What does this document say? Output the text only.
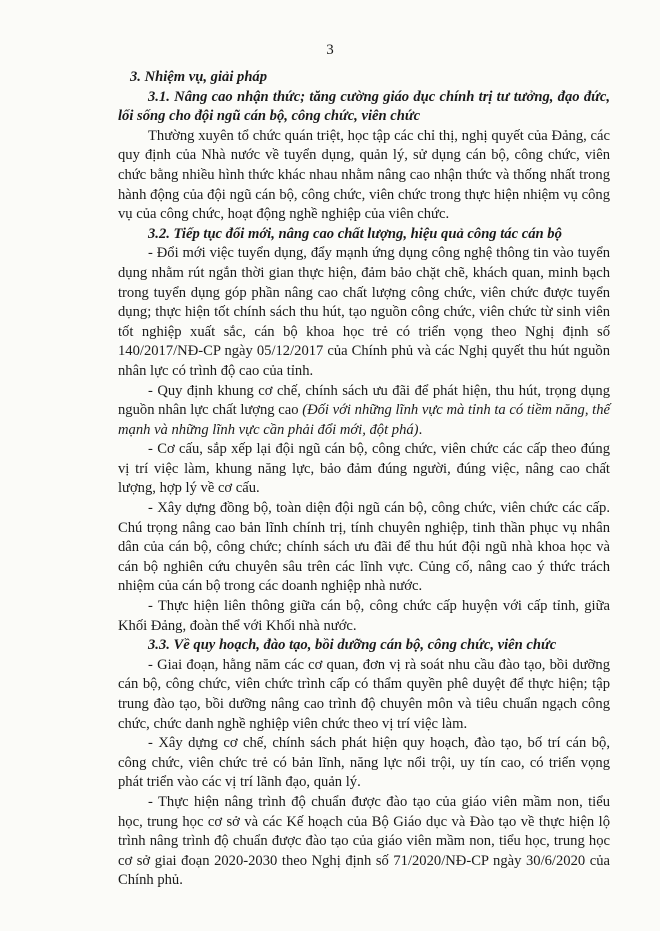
3

3. Nhiệm vụ, giải pháp

3.1. Nâng cao nhận thức; tăng cường giáo dục chính trị tư tưởng, đạo đức, lối sống cho đội ngũ cán bộ, công chức, viên chức

Thường xuyên tổ chức quán triệt, học tập các chỉ thị, nghị quyết của Đảng, các quy định của Nhà nước về tuyển dụng, quản lý, sử dụng cán bộ, công chức, viên chức bằng nhiều hình thức khác nhau nhằm nâng cao nhận thức và thống nhất trong hành động của đội ngũ cán bộ, công chức, viên chức trong thực hiện nhiệm vụ công vụ của công chức, hoạt động nghề nghiệp của viên chức.

3.2. Tiếp tục đổi mới, nâng cao chất lượng, hiệu quả công tác cán bộ

- Đổi mới việc tuyển dụng, đẩy mạnh ứng dụng công nghệ thông tin vào tuyển dụng nhằm rút ngắn thời gian thực hiện, đảm bảo chặt chẽ, khách quan, minh bạch trong tuyển dụng góp phần nâng cao chất lượng công chức, viên chức được tuyển dụng; thực hiện tốt chính sách thu hút, tạo nguồn công chức, viên chức từ sinh viên tốt nghiệp xuất sắc, cán bộ khoa học trẻ có triển vọng theo Nghị định số 140/2017/NĐ-CP ngày 05/12/2017 của Chính phủ và các Nghị quyết thu hút nguồn nhân lực có trình độ cao của tỉnh.

- Quy định khung cơ chế, chính sách ưu đãi để phát hiện, thu hút, trọng dụng nguồn nhân lực chất lượng cao (Đối với những lĩnh vực mà tỉnh ta có tiềm năng, thế mạnh và những lĩnh vực cần phải đổi mới, đột phá).

- Cơ cấu, sắp xếp lại đội ngũ cán bộ, công chức, viên chức các cấp theo đúng vị trí việc làm, khung năng lực, bảo đảm đúng người, đúng việc, nâng cao chất lượng, hợp lý về cơ cấu.

- Xây dựng đồng bộ, toàn diện đội ngũ cán bộ, công chức, viên chức các cấp. Chú trọng nâng cao bản lĩnh chính trị, tính chuyên nghiệp, tinh thần phục vụ nhân dân của cán bộ, công chức; chính sách ưu đãi để thu hút đội ngũ nhà khoa học và cán bộ nghiên cứu chuyên sâu trên các lĩnh vực. Củng cố, nâng cao ý thức trách nhiệm của cán bộ trong các doanh nghiệp nhà nước.

- Thực hiện liên thông giữa cán bộ, công chức cấp huyện với cấp tỉnh, giữa Khối Đảng, đoàn thể với Khối nhà nước.

3.3. Về quy hoạch, đào tạo, bồi dưỡng cán bộ, công chức, viên chức

- Giai đoạn, hằng năm các cơ quan, đơn vị rà soát nhu cầu đào tạo, bồi dưỡng cán bộ, công chức, viên chức trình cấp có thẩm quyền phê duyệt để thực hiện; tập trung đào tạo, bồi dưỡng nâng cao trình độ chuyên môn và tiêu chuẩn ngạch công chức, chức danh nghề nghiệp viên chức theo vị trí việc làm.

- Xây dựng cơ chế, chính sách phát hiện quy hoạch, đào tạo, bố trí cán bộ, công chức, viên chức trẻ có bản lĩnh, năng lực nổi trội, uy tín cao, có triển vọng phát triển vào các vị trí lãnh đạo, quản lý.

- Thực hiện nâng trình độ chuẩn được đào tạo của giáo viên mầm non, tiểu học, trung học cơ sở và các Kế hoạch của Bộ Giáo dục và Đào tạo về thực hiện lộ trình nâng trình độ chuẩn được đào tạo của giáo viên mầm non, tiểu học, trung học cơ sở giai đoạn 2020-2030 theo Nghị định số 71/2020/NĐ-CP ngày 30/6/2020 của Chính phủ.
